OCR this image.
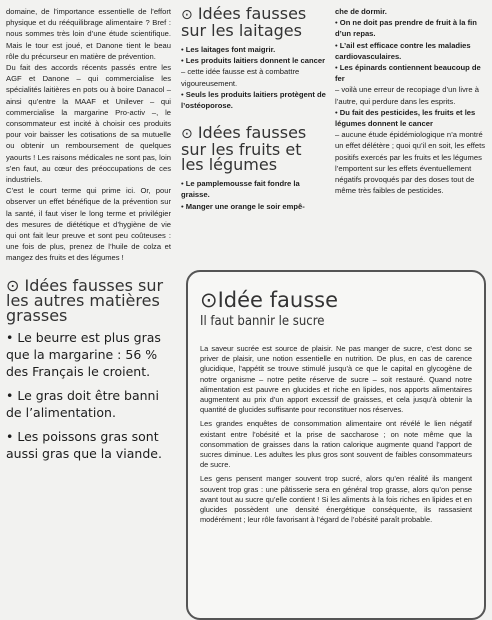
domaine, de l’importance essentielle de l’effort physique et du rééquilibrage alimentaire ? Bref : nous sommes très loin d’une étude scientifique. Mais le tour est joué, et Danone tient le beau rôle du précurseur en matière de prévention.
Du fait des accords récents passés entre les AGF et Danone – qui commercialise les spécialités laitières en pots ou à boire Danacol – ainsi qu’entre la MAAF et Unilever – qui commercialise la margarine Pro-activ –, le consommateur est incité à choisir ces produits pour voir baisser les cotisations de sa mutuelle ou obtenir un remboursement de quelques yaourts ! Les raisons médicales ne sont pas, loin s’en faut, au cœur des préoccupations de ces industriels.
C’est le court terme qui prime ici. Or, pour observer un effet bénéfique de la prévention sur la santé, il faut viser le long terme et privilégier des mesures de diététique et d’hygiène de vie qui ont fait leur preuve et sont peu coûteuses : une fois de plus, prenez de l’huile de colza et mangez des fruits et des légumes !
⊙ Idées fausses sur les autres matières grasses
• Le beurre est plus gras que la margarine : 56 % des Français le croient.
• Le gras doit être banni de l’alimentation.
• Les poissons gras sont aussi gras que la viande.
⊙ Idées fausses sur les laitages
• Les laitages font maigrir.
• Les produits laitiers donnent le cancer
– cette idée fausse est à combattre vigoureusement.
• Seuls les produits laitiers protègent de l’ostéoporose.
⊙ Idées fausses sur les fruits et les légumes
• Le pamplemousse fait fondre la graisse.
• Manger une orange le soir empê-
che de dormir.
• On ne doit pas prendre de fruit à la fin d’un repas.
• L’ail est efficace contre les maladies cardiovasculaires.
• Les épinards contiennent beaucoup de fer
– voilà une erreur de recopiage d’un livre à l’autre, qui perdure dans les esprits.
• Du fait des pesticides, les fruits et les légumes donnent le cancer
– aucune étude épidémiologique n’a montré un effet délétère ; quoi qu’il en soit, les effets positifs exercés par les fruits et les légumes l’emportent sur les effets éventuellement négatifs provoqués par des doses tout de même très faibles de pesticides.
⊙Idée fausse
Il faut bannir le sucre

La saveur sucrée est source de plaisir. Ne pas manger de sucre, c’est donc se priver de plaisir, une notion essentielle en nutrition. De plus, en cas de carence glucidique, l’appétit se trouve stimulé jusqu’à ce que le capital en glycogène de notre organisme – notre petite réserve de sucre – soit restauré. Quand notre alimentation est pauvre en glucides et riche en lipides, nos apports alimentaires augmentent au prix d’un apport excessif de graisses, et cela jusqu’à obtenir la quantité de glucides suffisante pour reconstituer nos réserves.

Les grandes enquêtes de consommation alimentaire ont révélé le lien négatif existant entre l’obésité et la prise de saccharose ; on note même que la consommation de graisses dans la ration calorique augmente quand l’apport de sucres diminue. Les adultes les plus gros sont souvent de faibles consommateurs de sucre.

Les gens pensent manger souvent trop sucré, alors qu’en réalité ils mangent souvent trop gras : une pâtisserie sera en général trop grasse, alors qu’on pense avant tout au sucre qu’elle contient ! Si les aliments à la fois riches en lipides et en glucides possèdent une densité énergétique conséquente, ils rassasient modérément ; leur rôle favorisant à l’égard de l’obésité paraît probable.
